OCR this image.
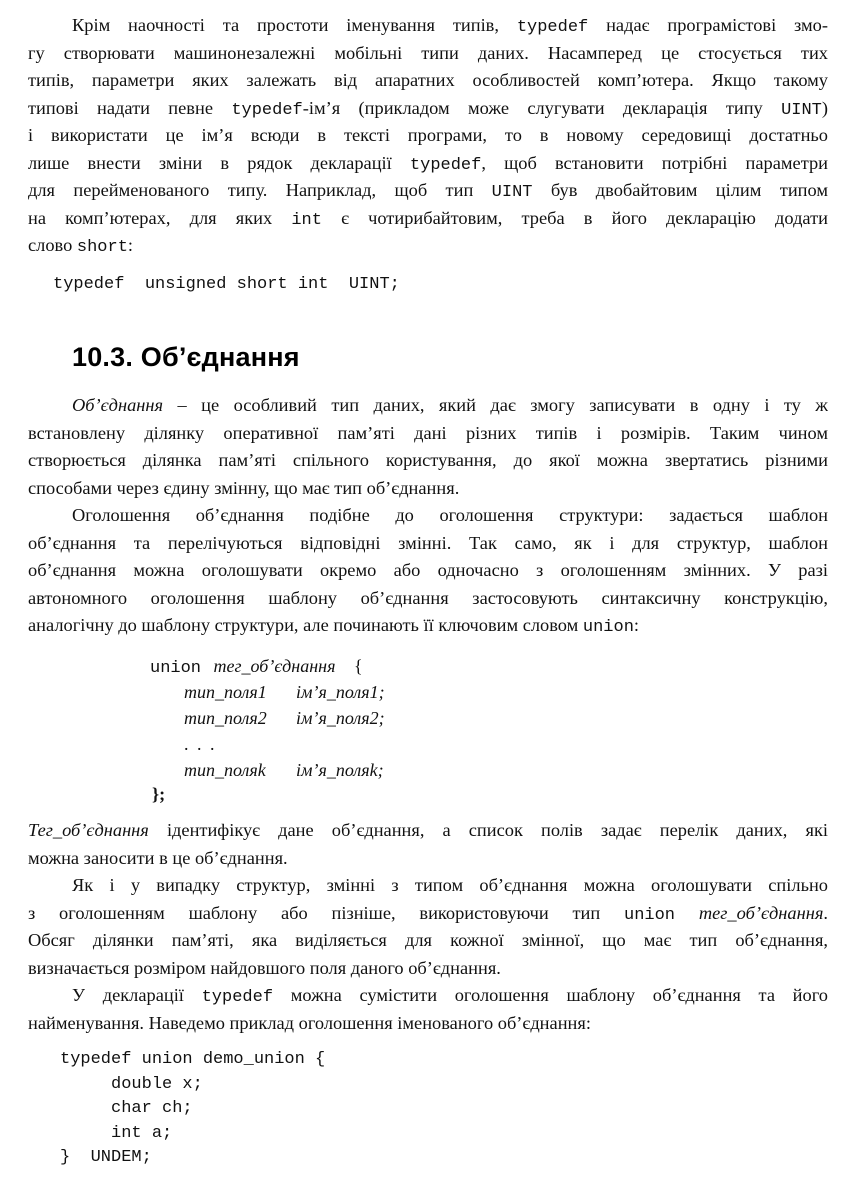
Крім наочності та простоти іменування типів, typedef надає програмістові змо-
гу створювати машинонезалежні мобільні типи даних. Насамперед це стосується тих
типів, параметри яких залежать від апаратних особливостей комп’ютера. Якщо такому
типові надати певне typedef-ім’я (прикладом може слугувати декларація типу UINT)
і використати це ім’я всюди в тексті програми, то в новому середовищі достатньо
лише внести зміни в рядок декларації typedef, щоб встановити потрібні параметри
для перейменованого типу. Наприклад, щоб тип UINT був двобайтовим цілим типом
на комп’ютерах, для яких int є чотирибайтовим, треба в його декларацію додати
слово short:

typedef  unsigned short int  UINT;
10.3. Об’єднання

Об’єднання – це особливий тип даних, який дає змогу записувати в одну і ту ж
встановлену ділянку оперативної пам’яті дані різних типів і розмірів. Таким чином
створюється ділянка пам’яті спільного користування, до якої можна звертатись різними
способами через єдину змінну, що має тип об’єднання.

Оголошення об’єднання подібне до оголошення структури: задається шаблон
об’єднання та перелічуються відповідні змінні. Так само, як і для структур, шаблон
об’єднання можна оголошувати окремо або одночасно з оголошенням змінних. У разі
автономного оголошення шаблону об’єднання застосовують синтаксичну конструкцію,
аналогічну до шаблону структури, але починають її ключовим словом union:

union тег_об’єднання {
тип_поля1 ім’я_поля1;
тип_поля2 ім’я_поля2;
. . .
тип_поляk ім’я_поляk;
};

Тег_об’єднання ідентифікує дане об’єднання, а список полів задає перелік даних, які
можна заносити в це об’єднання.

Як і у випадку структур, змінні з типом об’єднання можна оголошувати спільно
з оголошенням шаблону або пізніше, використовуючи тип union тег_об’єднання.
Обсяг ділянки пам’яті, яка виділяється для кожної змінної, що має тип об’єднання,
визначається розміром найдовшого поля даного об’єднання.

У декларації typedef можна сумістити оголошення шаблону об’єднання та його
найменування. Наведемо приклад оголошення іменованого об’єднання:

typedef union demo_union {
double x;
char ch;
int a;
}  UNDEM;
